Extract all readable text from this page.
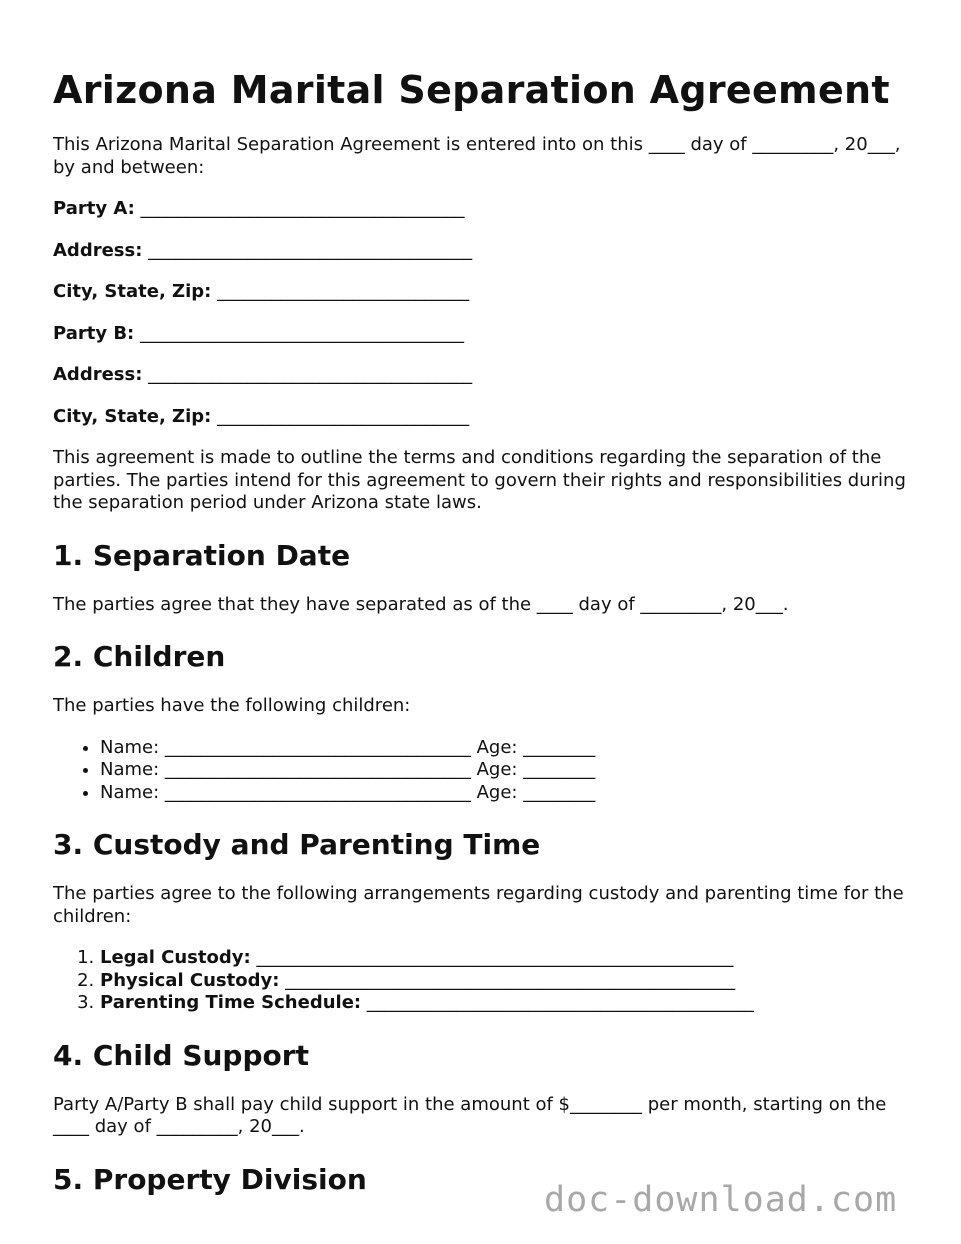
Arizona Marital Separation Agreement

This Arizona Marital Separation Agreement is entered into on this ____ day of _________, 20___, by and between:

Party A: ____________________________________
Address: ____________________________________
City, State, Zip: ____________________________
Party B: ____________________________________
Address: ____________________________________
City, State, Zip: ____________________________

This agreement is made to outline the terms and conditions regarding the separation of the parties. The parties intend for this agreement to govern their rights and responsibilities during the separation period under Arizona state laws.

1. Separation Date

The parties agree that they have separated as of the ____ day of _________, 20___.

2. Children

The parties have the following children:

• Name: __________________________________ Age: ________
• Name: __________________________________ Age: ________
• Name: __________________________________ Age: ________
3. Custody and Parenting Time

The parties agree to the following arrangements regarding custody and parenting time for the children:

1. Legal Custody: _____________________________________________________
2. Physical Custody: __________________________________________________
3. Parenting Time Schedule: ___________________________________________
4. Child Support

Party A/Party B shall pay child support in the amount of $________ per month, starting on the ____ day of _________, 20___.

5. Property Division
doc-download.com
